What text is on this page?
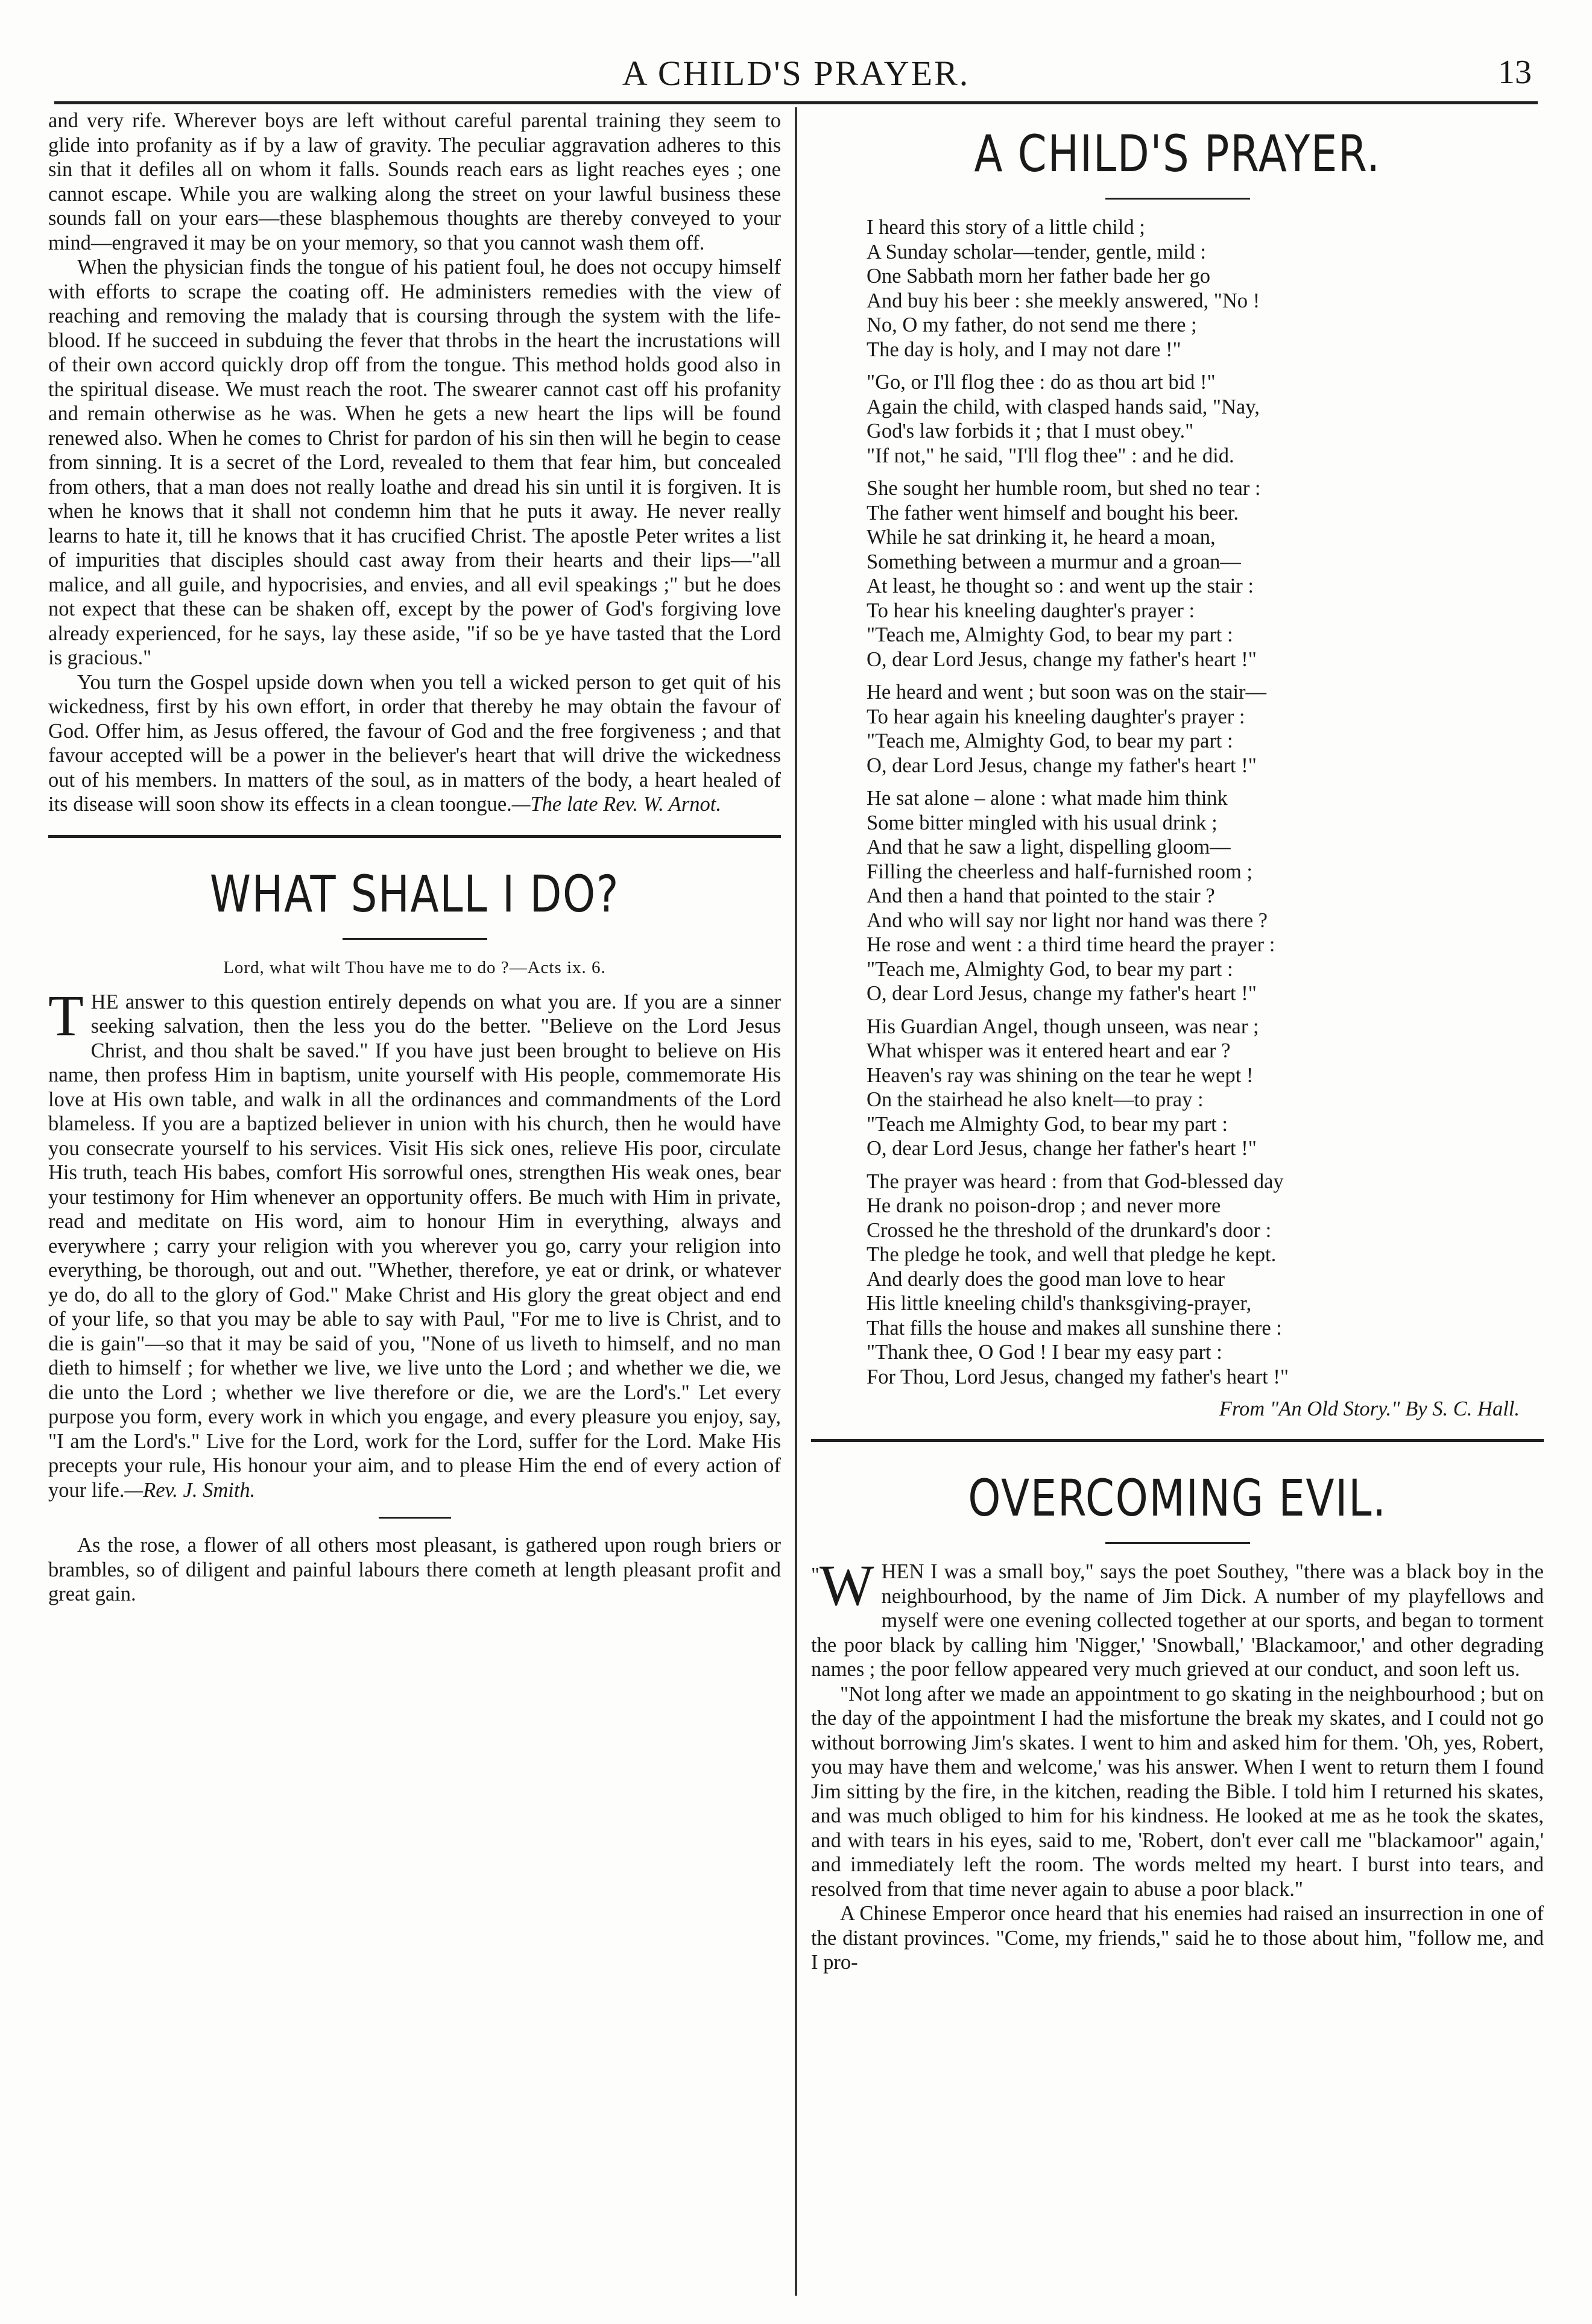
A CHILD'S PRAYER.	13

and very rife. Wherever boys are left without careful parental training they seem to glide into profanity as if by a law of gravity. The peculiar aggravation adheres to this sin that it defiles all on whom it falls. Sounds reach ears as light reaches eyes ; one cannot escape. While you are walking along the street on your lawful business these sounds fall on your ears—these blasphemous thoughts are thereby conveyed to your mind—engraved it may be on your memory, so that you cannot wash them off.

When the physician finds the tongue of his patient foul, he does not occupy himself with efforts to scrape the coating off. He administers remedies with the view of reaching and removing the malady that is coursing through the system with the life-blood. If he succeed in subduing the fever that throbs in the heart the incrustations will of their own accord quickly drop off from the tongue. This method holds good also in the spiritual disease. We must reach the root. The swearer cannot cast off his profanity and remain otherwise as he was. When he gets a new heart the lips will be found renewed also. When he comes to Christ for pardon of his sin then will he begin to cease from sinning. It is a secret of the Lord, revealed to them that fear him, but concealed from others, that a man does not really loathe and dread his sin until it is forgiven. It is when he knows that it shall not condemn him that he puts it away. He never really learns to hate it, till he knows that it has crucified Christ. The apostle Peter writes a list of impurities that disciples should cast away from their hearts and their lips—"all malice, and all guile, and hypocrisies, and envies, and all evil speakings ;" but he does not expect that these can be shaken off, except by the power of God's forgiving love already experienced, for he says, lay these aside, "if so be ye have tasted that the Lord is gracious."

You turn the Gospel upside down when you tell a wicked person to get quit of his wickedness, first by his own effort, in order that thereby he may obtain the favour of God. Offer him, as Jesus offered, the favour of God and the free forgiveness ; and that favour accepted will be a power in the believer's heart that will drive the wickedness out of his members. In matters of the soul, as in matters of the body, a heart healed of its disease will soon show its effects in a clean toongue.—The late Rev. W. Arnot.

WHAT SHALL I DO?
Lord, what wilt Thou have me to do ?—Acts ix. 6.

THE answer to this question entirely depends on what you are. If you are a sinner seeking salvation, then the less you do the better. "Believe on the Lord Jesus Christ, and thou shalt be saved." If you have just been brought to believe on His name, then profess Him in baptism, unite yourself with His people, commemorate His love at His own table, and walk in all the ordinances and commandments of the Lord blameless. If you are a baptized believer in union with his church, then he would have you consecrate yourself to his services. Visit His sick ones, relieve His poor, circulate His truth, teach His babes, comfort His sorrowful ones, strengthen His weak ones, bear your testimony for Him whenever an opportunity offers. Be much with Him in private, read and meditate on His word, aim to honour Him in everything, always and everywhere ; carry your religion with you wherever you go, carry your religion into everything, be thorough, out and out. "Whether, therefore, ye eat or drink, or whatever ye do, do all to the glory of God." Make Christ and His glory the great object and end of your life, so that you may be able to say with Paul, "For me to live is Christ, and to die is gain"—so that it may be said of you, "None of us liveth to himself, and no man dieth to himself ; for whether we live, we live unto the Lord ; and whether we die, we die unto the Lord ; whether we live therefore or die, we are the Lord's." Let every purpose you form, every work in which you engage, and every pleasure you enjoy, say, "I am the Lord's." Live for the Lord, work for the Lord, suffer for the Lord. Make His precepts your rule, His honour your aim, and to please Him the end of every action of your life.—Rev. J. Smith.

As the rose, a flower of all others most pleasant, is gathered upon rough briers or brambles, so of diligent and painful labours there cometh at length pleasant profit and great gain.

A CHILD'S PRAYER.
I heard this story of a little child ;
A Sunday scholar—tender, gentle, mild :
One Sabbath morn her father bade her go
And buy his beer : she meekly answered, "No !
No, O my father, do not send me there ;
The day is holy, and I may not dare !"
"Go, or I'll flog thee : do as thou art bid !"
Again the child, with clasped hands said, "Nay,
God's law forbids it ; that I must obey."
"If not," he said, "I'll flog thee" : and he did.
She sought her humble room, but shed no tear :
The father went himself and bought his beer.
While he sat drinking it, he heard a moan,
Something between a murmur and a groan—
At least, he thought so : and went up the stair :
To hear his kneeling daughter's prayer :
"Teach me, Almighty God, to bear my part :
O, dear Lord Jesus, change my father's heart !"
He heard and went ; but soon was on the stair—
To hear again his kneeling daughter's prayer :
"Teach me, Almighty God, to bear my part :
O, dear Lord Jesus, change my father's heart !"
He sat alone – alone : what made him think
Some bitter mingled with his usual drink ;
And that he saw a light, dispelling gloom—
Filling the cheerless and half-furnished room ;
And then a hand that pointed to the stair ?
And who will say nor light nor hand was there ?
He rose and went : a third time heard the prayer :
"Teach me, Almighty God, to bear my part :
O, dear Lord Jesus, change my father's heart !"
His Guardian Angel, though unseen, was near ;
What whisper was it entered heart and ear ?
Heaven's ray was shining on the tear he wept !
On the stairhead he also knelt—to pray :
"Teach me Almighty God, to bear my part :
O, dear Lord Jesus, change her father's heart !"
The prayer was heard : from that God-blessed day
He drank no poison-drop ; and never more
Crossed he the threshold of the drunkard's door :
The pledge he took, and well that pledge he kept.
And dearly does the good man love to hear
His little kneeling child's thanksgiving-prayer,
That fills the house and makes all sunshine there :
"Thank thee, O God ! I bear my easy part :
For Thou, Lord Jesus, changed my father's heart !"
From "An Old Story." By S. C. Hall.
OVERCOMING EVIL.

" W HEN I was a small boy," says the poet Southey, "there was a black boy in the neighbourhood, by the name of Jim Dick. A number of my playfellows and myself were one evening collected together at our sports, and began to torment the poor black by calling him 'Nigger,' 'Snowball,' 'Blackamoor,' and other degrading names ; the poor fellow appeared very much grieved at our conduct, and soon left us.

"Not long after we made an appointment to go skating in the neighbourhood ; but on the day of the appointment I had the misfortune the break my skates, and I could not go without borrowing Jim's skates. I went to him and asked him for them. 'Oh, yes, Robert, you may have them and welcome,' was his answer. When I went to return them I found Jim sitting by the fire, in the kitchen, reading the Bible. I told him I returned his skates, and was much obliged to him for his kindness. He looked at me as he took the skates, and with tears in his eyes, said to me, 'Robert, don't ever call me "blackamoor" again,' and immediately left the room. The words melted my heart. I burst into tears, and resolved from that time never again to abuse a poor black."

A Chinese Emperor once heard that his enemies had raised an insurrection in one of the distant provinces. "Come, my friends," said he to those about him, "follow me, and I pro-
